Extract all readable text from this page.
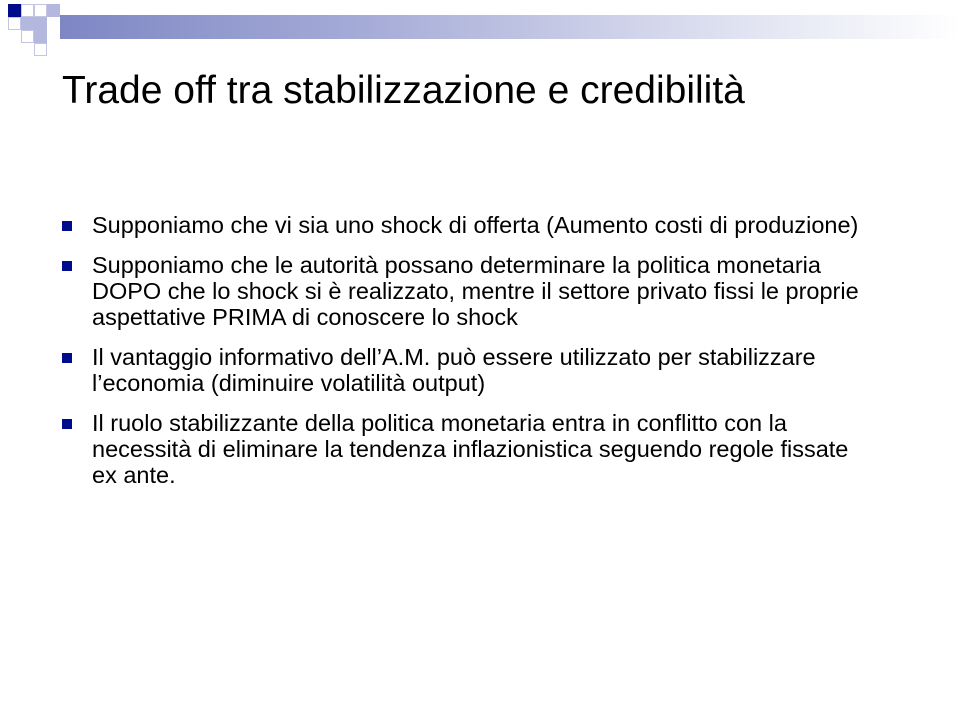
Trade off tra stabilizzazione e credibilità
Supponiamo che vi sia uno shock di offerta (Aumento costi di produzione)
Supponiamo che le autorità possano determinare la politica monetaria DOPO che lo shock si è realizzato, mentre il settore privato fissi le proprie aspettative PRIMA di conoscere lo shock
Il vantaggio informativo dell’A.M. può essere utilizzato per stabilizzare l’economia (diminuire volatilità output)
Il ruolo stabilizzante della politica monetaria entra in conflitto con la necessità di eliminare la tendenza inflazionistica seguendo regole fissate ex ante.
